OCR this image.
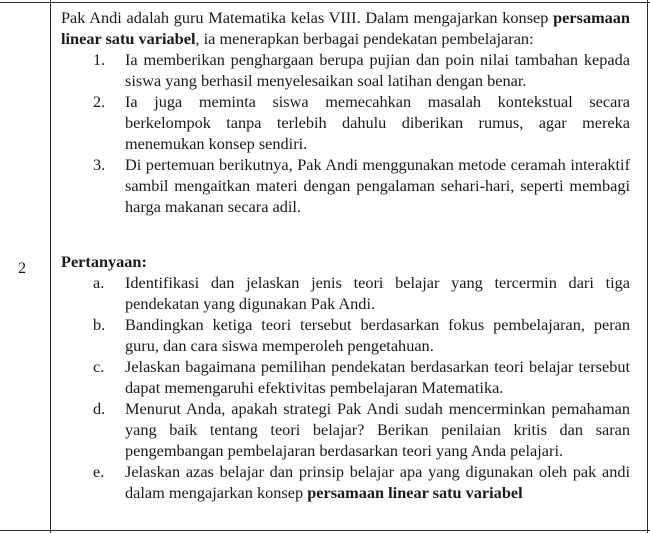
2

Pak Andi adalah guru Matematika kelas VIII. Dalam mengajarkan konsep persamaan linear satu variabel, ia menerapkan berbagai pendekatan pembelajaran:

1. Ia memberikan penghargaan berupa pujian dan poin nilai tambahan kepada siswa yang berhasil menyelesaikan soal latihan dengan benar.
2. Ia juga meminta siswa memecahkan masalah kontekstual secara berkelompok tanpa terlebih dahulu diberikan rumus, agar mereka menemukan konsep sendiri.
3. Di pertemuan berikutnya, Pak Andi menggunakan metode ceramah interaktif sambil mengaitkan materi dengan pengalaman sehari-hari, seperti membagi harga makanan secara adil.

Pertanyaan:

a. Identifikasi dan jelaskan jenis teori belajar yang tercermin dari tiga pendekatan yang digunakan Pak Andi.
b. Bandingkan ketiga teori tersebut berdasarkan fokus pembelajaran, peran guru, dan cara siswa memperoleh pengetahuan.
c. Jelaskan bagaimana pemilihan pendekatan berdasarkan teori belajar tersebut dapat memengaruhi efektivitas pembelajaran Matematika.
d. Menurut Anda, apakah strategi Pak Andi sudah mencerminkan pemahaman yang baik tentang teori belajar? Berikan penilaian kritis dan saran pengembangan pembelajaran berdasarkan teori yang Anda pelajari.
e. Jelaskan azas belajar dan prinsip belajar apa yang digunakan oleh pak andi dalam mengajarkan konsep persamaan linear satu variabel
